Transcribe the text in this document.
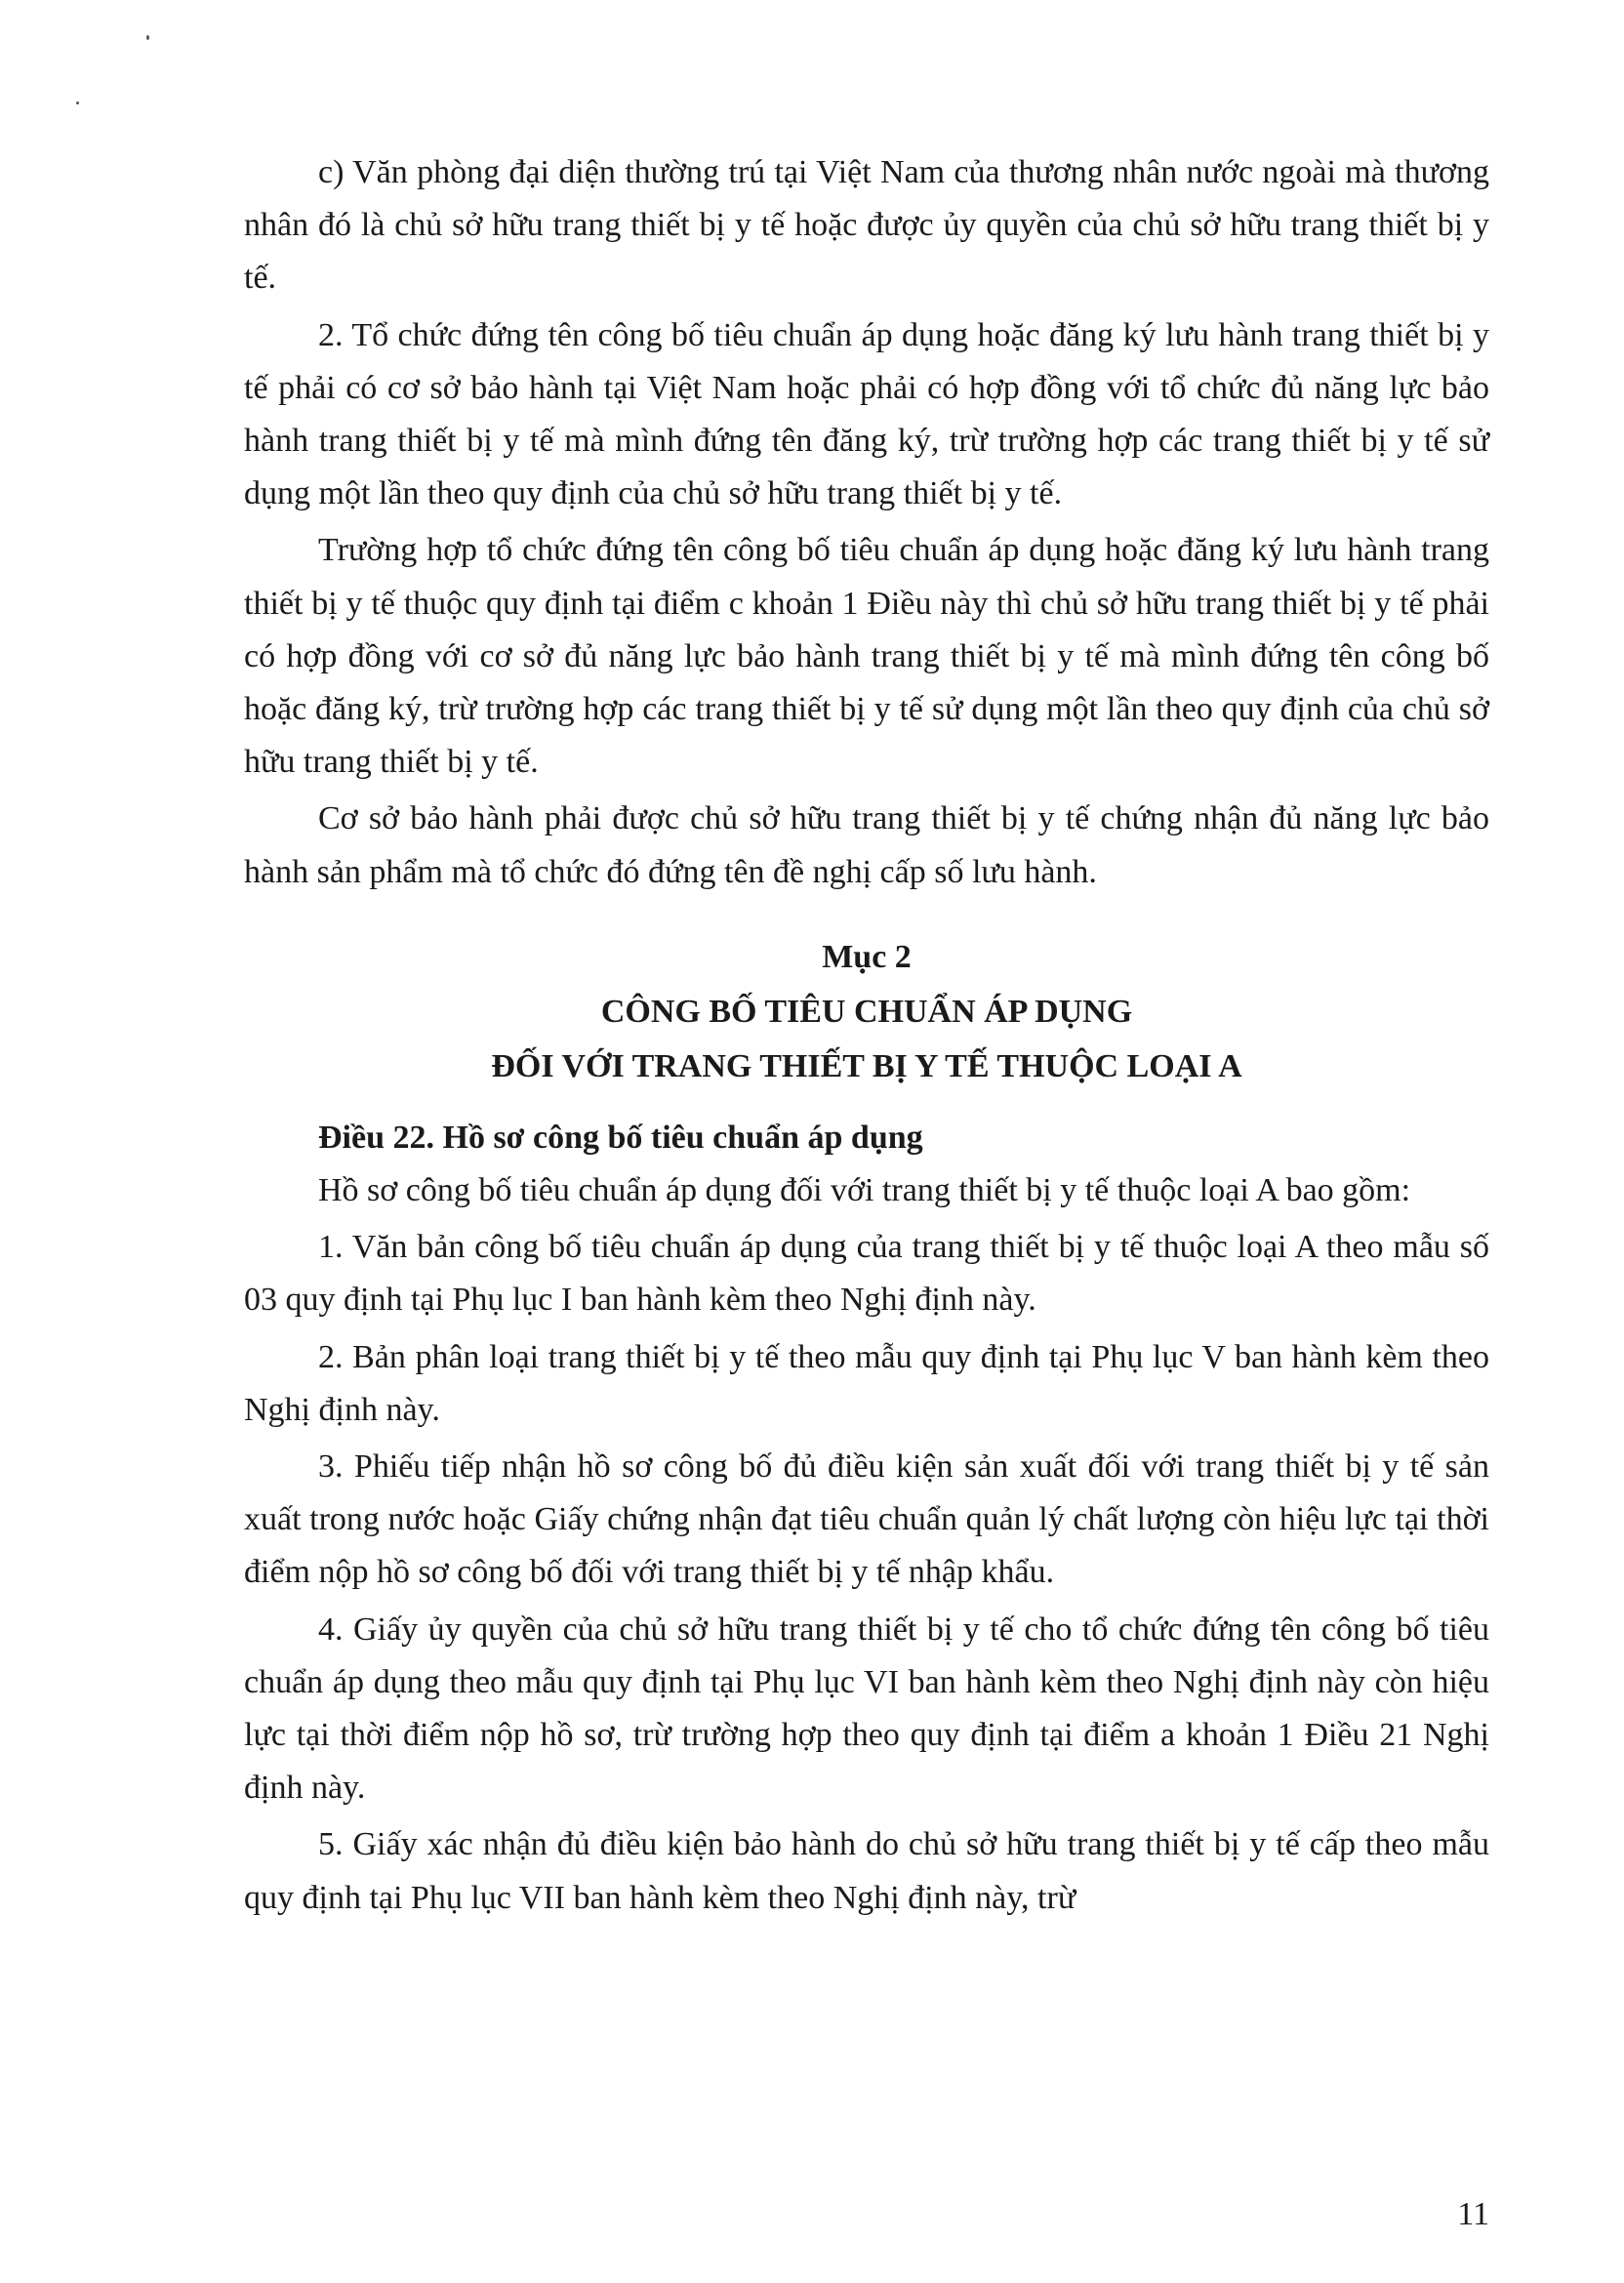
c) Văn phòng đại diện thường trú tại Việt Nam của thương nhân nước ngoài mà thương nhân đó là chủ sở hữu trang thiết bị y tế hoặc được ủy quyền của chủ sở hữu trang thiết bị y tế.

2. Tổ chức đứng tên công bố tiêu chuẩn áp dụng hoặc đăng ký lưu hành trang thiết bị y tế phải có cơ sở bảo hành tại Việt Nam hoặc phải có hợp đồng với tổ chức đủ năng lực bảo hành trang thiết bị y tế mà mình đứng tên đăng ký, trừ trường hợp các trang thiết bị y tế sử dụng một lần theo quy định của chủ sở hữu trang thiết bị y tế.

Trường hợp tổ chức đứng tên công bố tiêu chuẩn áp dụng hoặc đăng ký lưu hành trang thiết bị y tế thuộc quy định tại điểm c khoản 1 Điều này thì chủ sở hữu trang thiết bị y tế phải có hợp đồng với cơ sở đủ năng lực bảo hành trang thiết bị y tế mà mình đứng tên công bố hoặc đăng ký, trừ trường hợp các trang thiết bị y tế sử dụng một lần theo quy định của chủ sở hữu trang thiết bị y tế.

Cơ sở bảo hành phải được chủ sở hữu trang thiết bị y tế chứng nhận đủ năng lực bảo hành sản phẩm mà tổ chức đó đứng tên đề nghị cấp số lưu hành.

Mục 2

CÔNG BỐ TIÊU CHUẨN ÁP DỤNG

ĐỐI VỚI TRANG THIẾT BỊ Y TẾ THUỘC LOẠI A

Điều 22. Hồ sơ công bố tiêu chuẩn áp dụng

Hồ sơ công bố tiêu chuẩn áp dụng đối với trang thiết bị y tế thuộc loại A bao gồm:

1. Văn bản công bố tiêu chuẩn áp dụng của trang thiết bị y tế thuộc loại A theo mẫu số 03 quy định tại Phụ lục I ban hành kèm theo Nghị định này.

2. Bản phân loại trang thiết bị y tế theo mẫu quy định tại Phụ lục V ban hành kèm theo Nghị định này.

3. Phiếu tiếp nhận hồ sơ công bố đủ điều kiện sản xuất đối với trang thiết bị y tế sản xuất trong nước hoặc Giấy chứng nhận đạt tiêu chuẩn quản lý chất lượng còn hiệu lực tại thời điểm nộp hồ sơ công bố đối với trang thiết bị y tế nhập khẩu.

4. Giấy ủy quyền của chủ sở hữu trang thiết bị y tế cho tổ chức đứng tên công bố tiêu chuẩn áp dụng theo mẫu quy định tại Phụ lục VI ban hành kèm theo Nghị định này còn hiệu lực tại thời điểm nộp hồ sơ, trừ trường hợp theo quy định tại điểm a khoản 1 Điều 21 Nghị định này.

5. Giấy xác nhận đủ điều kiện bảo hành do chủ sở hữu trang thiết bị y tế cấp theo mẫu quy định tại Phụ lục VII ban hành kèm theo Nghị định này, trừ

11
